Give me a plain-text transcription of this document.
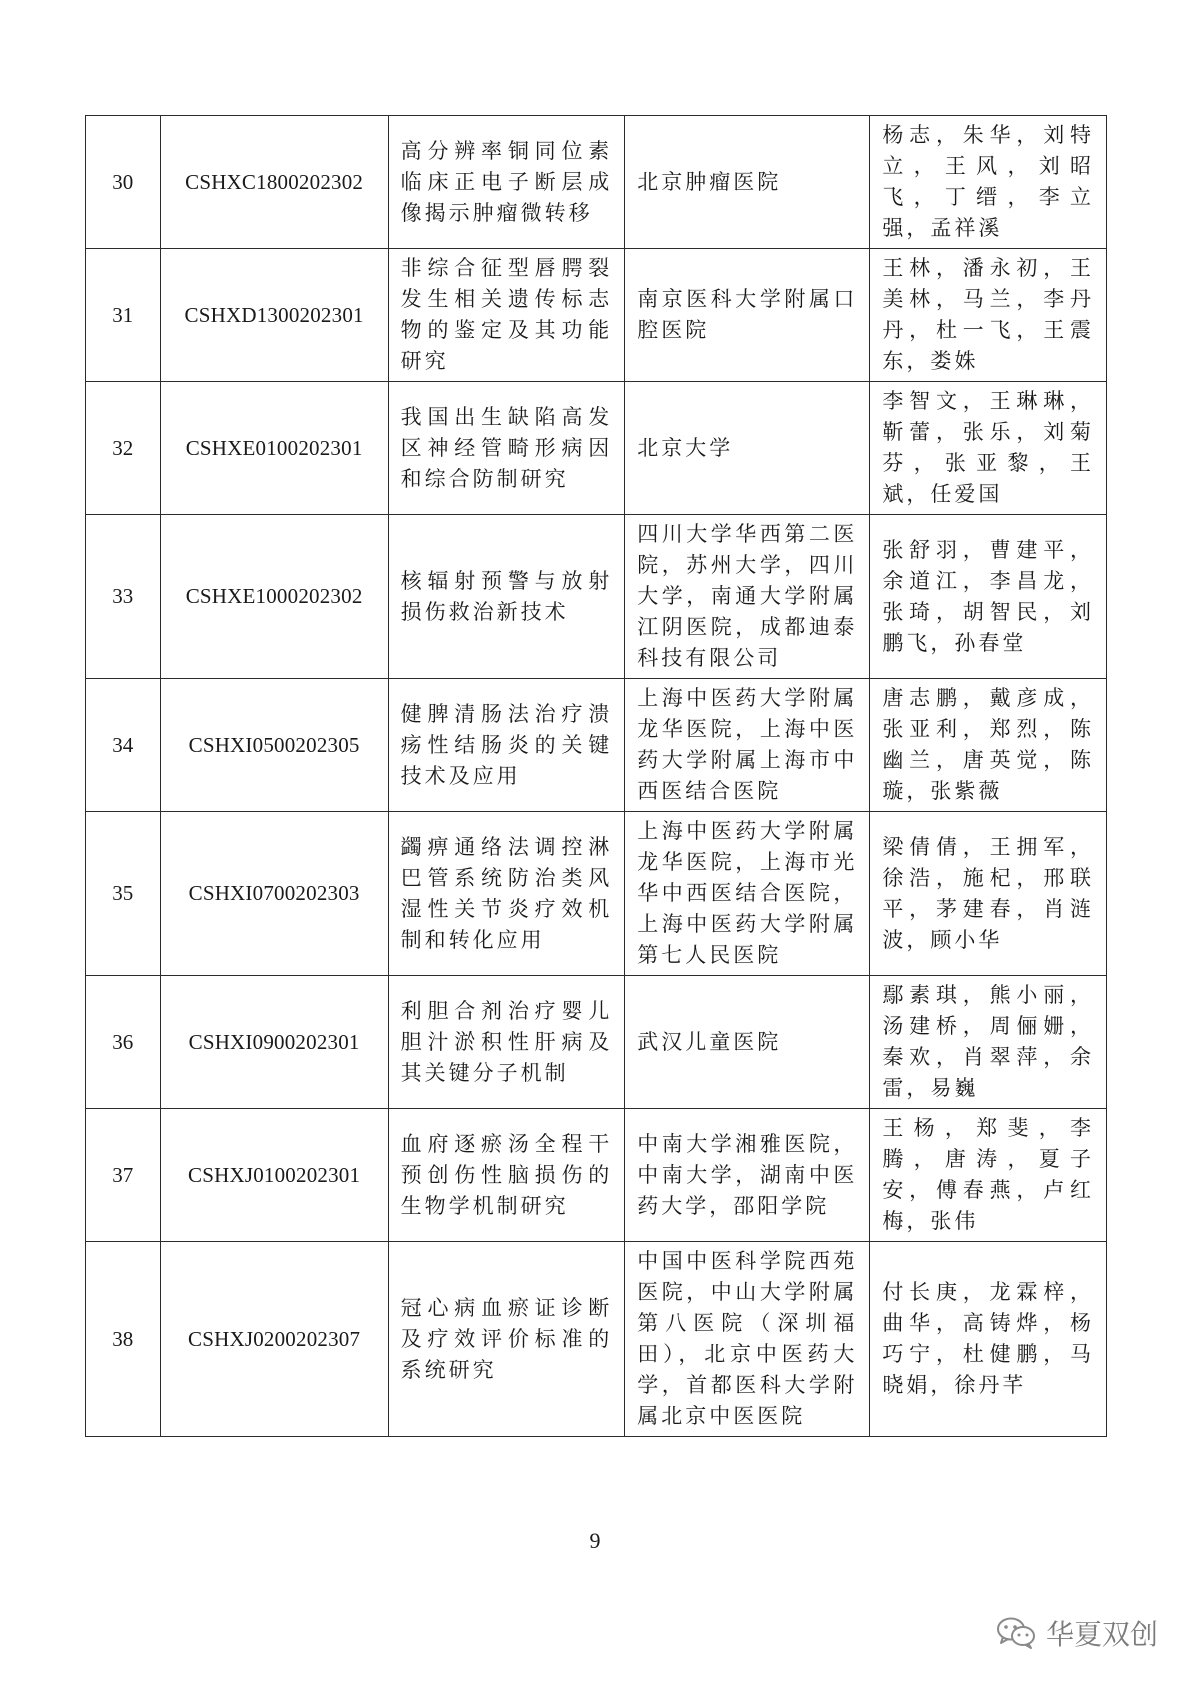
30	CSHXC1800202302	高分辨率铜同位素临床正电子断层成像揭示肿瘤微转移	北京肿瘤医院	杨志，朱华，刘特立，王风，刘昭飞，丁缙，李立强，孟祥溪
31	CSHXD1300202301	非综合征型唇腭裂发生相关遗传标志物的鉴定及其功能研究	南京医科大学附属口腔医院	王林，潘永初，王美林，马兰，李丹丹，杜一飞，王震东，娄姝
32	CSHXE0100202301	我国出生缺陷高发区神经管畸形病因和综合防制研究	北京大学	李智文，王琳琳，靳蕾，张乐，刘菊芬，张亚黎，王斌，任爱国
33	CSHXE1000202302	核辐射预警与放射损伤救治新技术	四川大学华西第二医院，苏州大学，四川大学，南通大学附属江阴医院，成都迪泰科技有限公司	张舒羽，曹建平，余道江，李昌龙，张琦，胡智民，刘鹏飞，孙春堂
34	CSHXI0500202305	健脾清肠法治疗溃疡性结肠炎的关键技术及应用	上海中医药大学附属龙华医院，上海中医药大学附属上海市中西医结合医院	唐志鹏，戴彦成，张亚利，郑烈，陈幽兰，唐英觉，陈璇，张紫薇
35	CSHXI0700202303	蠲痹通络法调控淋巴管系统防治类风湿性关节炎疗效机制和转化应用	上海中医药大学附属龙华医院，上海市光华中西医结合医院，上海中医药大学附属第七人民医院	梁倩倩，王拥军，徐浩，施杞，邢联平，茅建春，肖涟波，顾小华
36	CSHXI0900202301	利胆合剂治疗婴儿胆汁淤积性肝病及其关键分子机制	武汉儿童医院	鄢素琪，熊小丽，汤建桥，周俪姗，秦欢，肖翠萍，余雷，易巍
37	CSHXJ0100202301	血府逐瘀汤全程干预创伤性脑损伤的生物学机制研究	中南大学湘雅医院，中南大学，湖南中医药大学，邵阳学院	王杨，郑斐，李腾，唐涛，夏子安，傅春燕，卢红梅，张伟
38	CSHXJ0200202307	冠心病血瘀证诊断及疗效评价标准的系统研究	中国中医科学院西苑医院，中山大学附属第八医院（深圳福田），北京中医药大学，首都医科大学附属北京中医医院	付长庚，龙霖梓，曲华，高铸烨，杨巧宁，杜健鹏，马晓娟，徐丹芊
9
华夏双创
